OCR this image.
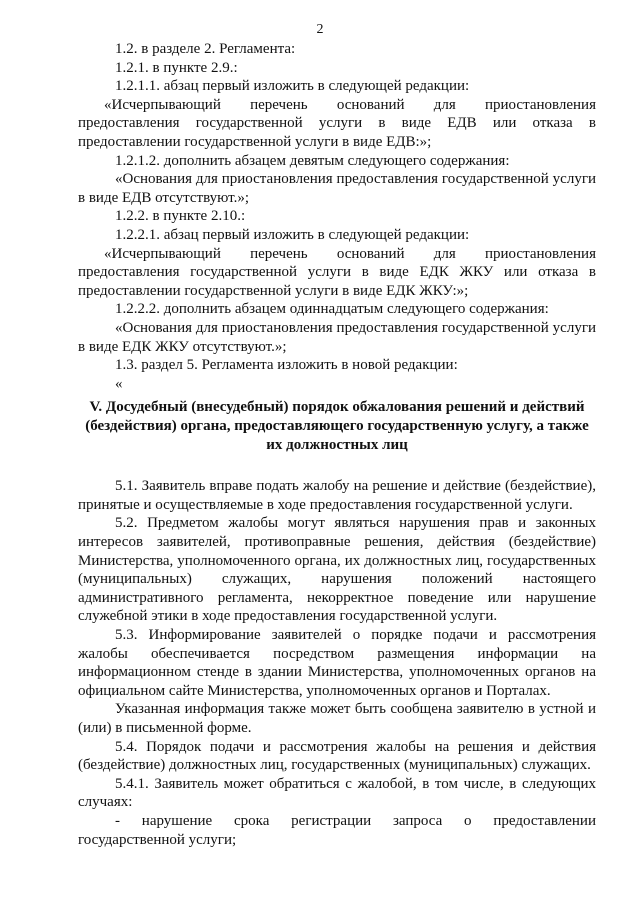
2

1.2. в разделе 2. Регламента:

1.2.1. в пункте 2.9.:

1.2.1.1. абзац первый изложить в следующей редакции:

«Исчерпывающий перечень оснований для приостановления предоставления государственной услуги в виде ЕДВ или отказа в предоставлении государственной услуги в виде ЕДВ:»;

1.2.1.2. дополнить абзацем девятым следующего содержания:

«Основания для приостановления предоставления государственной услуги в виде ЕДВ отсутствуют.»;

1.2.2. в пункте 2.10.:

1.2.2.1. абзац первый изложить в следующей редакции:

«Исчерпывающий перечень оснований для приостановления предоставления государственной услуги в виде ЕДК ЖКУ или отказа в предоставлении государственной услуги в виде ЕДК ЖКУ:»;

1.2.2.2. дополнить абзацем одиннадцатым следующего содержания:

«Основания для приостановления предоставления государственной услуги в виде ЕДК ЖКУ отсутствуют.»;

1.3. раздел 5. Регламента изложить в новой редакции:

«

V. Досудебный (внесудебный) порядок обжалования решений и действий (бездействия) органа, предоставляющего государственную услугу, а также их должностных лиц

5.1. Заявитель вправе подать жалобу на решение и действие (бездействие), принятые и осуществляемые в ходе предоставления государственной услуги.

5.2. Предметом жалобы могут являться нарушения прав и законных интересов заявителей, противоправные решения, действия (бездействие) Министерства, уполномоченного органа, их должностных лиц, государственных (муниципальных) служащих, нарушения положений настоящего административного регламента, некорректное поведение или нарушение служебной этики в ходе предоставления государственной услуги.

5.3. Информирование заявителей о порядке подачи и рассмотрения жалобы обеспечивается посредством размещения информации на информационном стенде в здании Министерства, уполномоченных органов на официальном сайте Министерства, уполномоченных органов и Порталах.

Указанная информация также может быть сообщена заявителю в устной и (или) в письменной форме.

5.4. Порядок подачи и рассмотрения жалобы на решения и действия (бездействие) должностных лиц, государственных (муниципальных) служащих.

5.4.1. Заявитель может обратиться с жалобой, в том числе, в следующих случаях:

- нарушение срока регистрации запроса о предоставлении государственной услуги;
